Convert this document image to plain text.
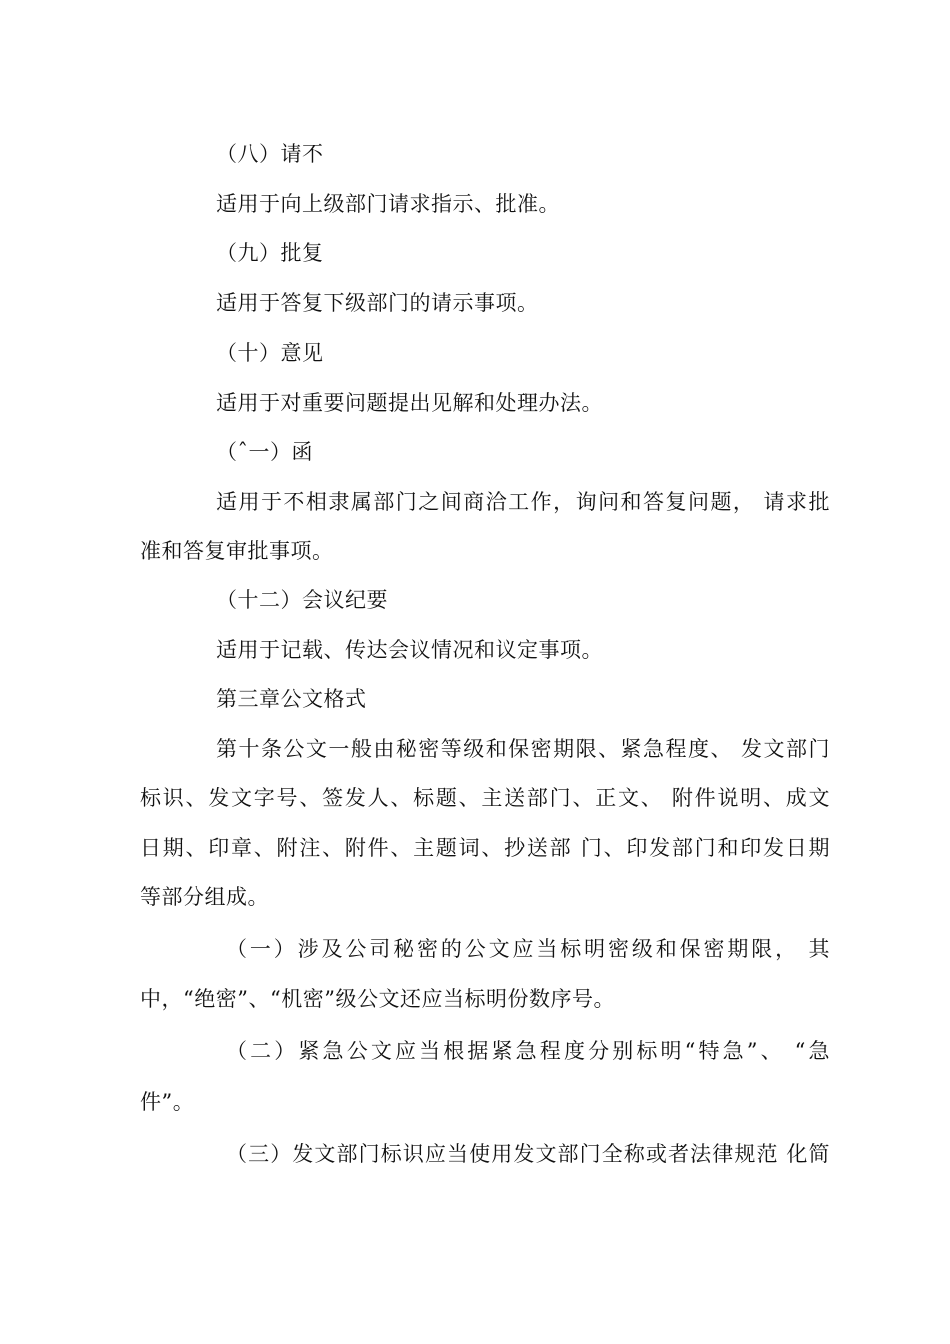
（八）请不
适用于向上级部门请求指示、批准。
（九）批复
适用于答复下级部门的请示事项。
（十）意见
适用于对重要问题提出见解和处理办法。
（ˆ一）函
适用于不相隶属部门之间商洽工作，询问和答复问题， 请求批
准和答复审批事项。
（十二）会议纪要
适用于记载、传达会议情况和议定事项。
第三章公文格式
第十条公文一般由秘密等级和保密期限、紧急程度、 发文部门
标识、发文字号、签发人、标题、主送部门、正文、 附件说明、成文
日期、印章、附注、附件、主题词、抄送部 门、印发部门和印发日期
等部分组成。
（一）涉及公司秘密的公文应当标明密级和保密期限， 其
中，“绝密”、“机密”级公文还应当标明份数序号。
（二）紧急公文应当根据紧急程度分别标明“特急”、 “急
件”。
（三）发文部门标识应当使用发文部门全称或者法律规范 化简
